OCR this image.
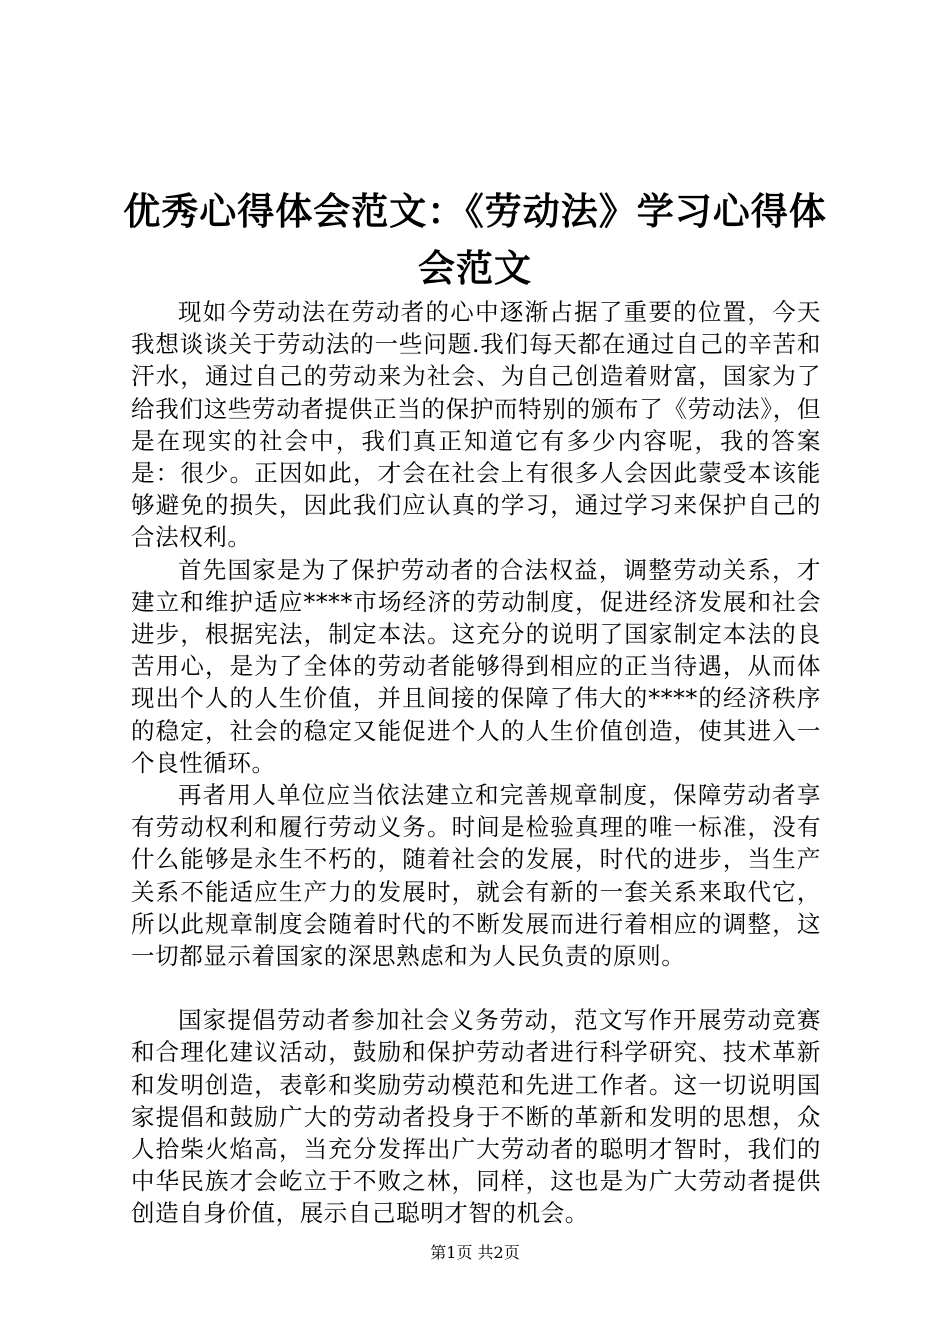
优秀心得体会范文：《劳动法》学习心得体会范文

现如今劳动法在劳动者的心中逐渐占据了重要的位置，今天我想谈谈关于劳动法的一些问题.我们每天都在通过自己的辛苦和汗水，通过自己的劳动来为社会、为自己创造着财富，国家为了给我们这些劳动者提供正当的保护而特别的颁布了《劳动法》，但是在现实的社会中，我们真正知道它有多少内容呢，我的答案是：很少。正因如此，才会在社会上有很多人会因此蒙受本该能够避免的损失，因此我们应认真的学习，通过学习来保护自己的合法权利。

首先国家是为了保护劳动者的合法权益，调整劳动关系，才建立和维护适应****市场经济的劳动制度，促进经济发展和社会进步，根据宪法，制定本法。这充分的说明了国家制定本法的良苦用心，是为了全体的劳动者能够得到相应的正当待遇，从而体现出个人的人生价值，并且间接的保障了伟大的****的经济秩序的稳定，社会的稳定又能促进个人的人生价值创造，使其进入一个良性循环。

再者用人单位应当依法建立和完善规章制度，保障劳动者享有劳动权利和履行劳动义务。时间是检验真理的唯一标准，没有什么能够是永生不朽的，随着社会的发展，时代的进步，当生产关系不能适应生产力的发展时，就会有新的一套关系来取代它，所以此规章制度会随着时代的不断发展而进行着相应的调整，这一切都显示着国家的深思熟虑和为人民负责的原则。

国家提倡劳动者参加社会义务劳动，范文写作开展劳动竞赛和合理化建议活动，鼓励和保护劳动者进行科学研究、技术革新和发明创造，表彰和奖励劳动模范和先进工作者。这一切说明国家提倡和鼓励广大的劳动者投身于不断的革新和发明的思想，众人拾柴火焰高，当充分发挥出广大劳动者的聪明才智时，我们的中华民族才会屹立于不败之林，同样，这也是为广大劳动者提供创造自身价值，展示自己聪明才智的机会。

第1页 共2页
